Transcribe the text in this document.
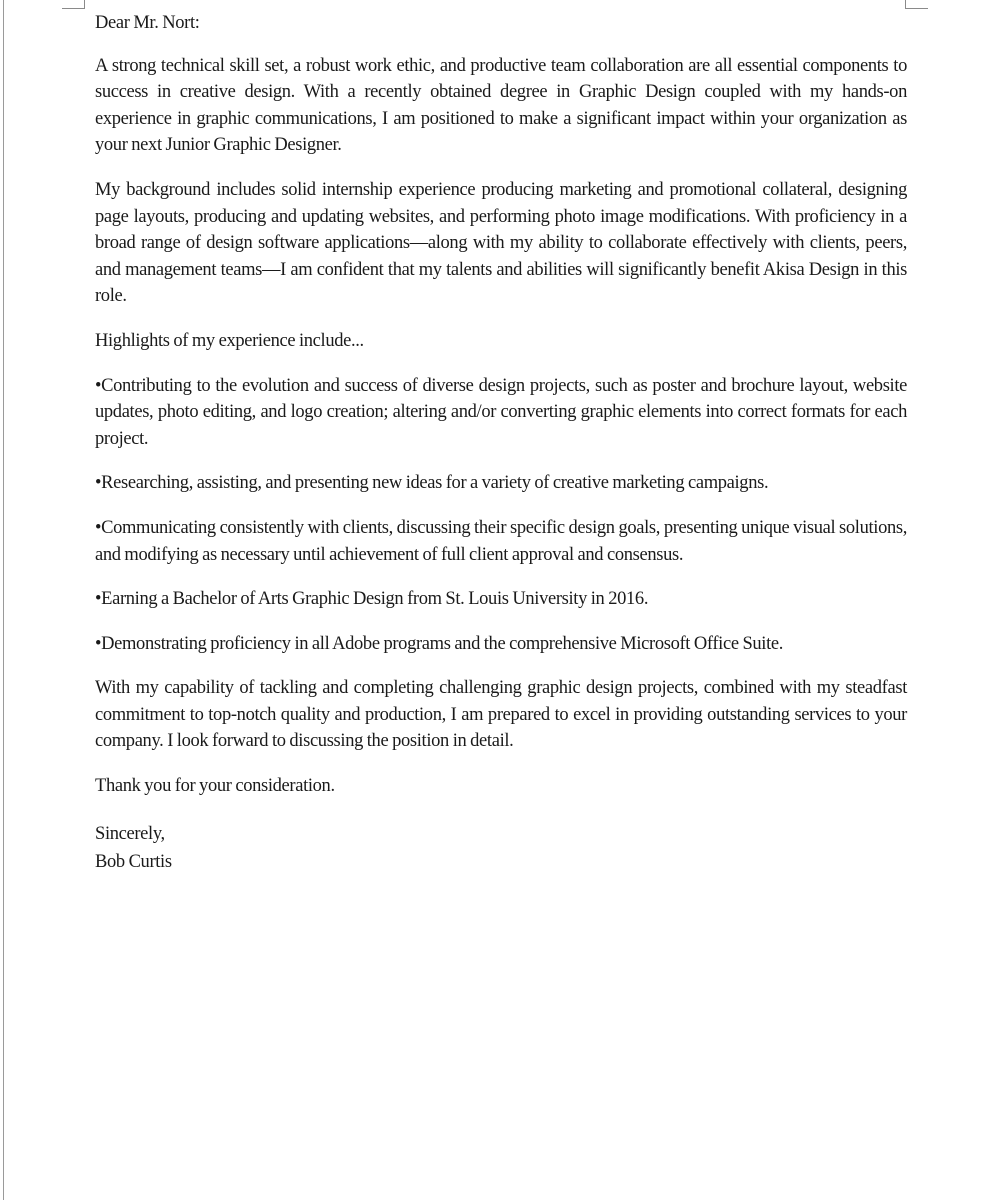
Dear Mr. Nort:

A strong technical skill set, a robust work ethic, and productive team collaboration are all essential components to success in creative design. With a recently obtained degree in Graphic Design coupled with my hands-on experience in graphic communications, I am positioned to make a significant impact within your organization as your next Junior Graphic Designer.

My background includes solid internship experience producing marketing and promotional collateral, designing page layouts, producing and updating websites, and performing photo image modifications. With proficiency in a broad range of design software applications—along with my ability to collaborate effectively with clients, peers, and management teams—I am confident that my talents and abilities will significantly benefit Akisa Design in this role.

Highlights of my experience include...

•Contributing to the evolution and success of diverse design projects, such as poster and brochure layout, website updates, photo editing, and logo creation; altering and/or converting graphic elements into correct formats for each project.

•Researching, assisting, and presenting new ideas for a variety of creative marketing campaigns.

•Communicating consistently with clients, discussing their specific design goals, presenting unique visual solutions, and modifying as necessary until achievement of full client approval and consensus.

•Earning a Bachelor of Arts Graphic Design from St. Louis University in 2016.

•Demonstrating proficiency in all Adobe programs and the comprehensive Microsoft Office Suite.

With my capability of tackling and completing challenging graphic design projects, combined with my steadfast commitment to top-notch quality and production, I am prepared to excel in providing outstanding services to your company. I look forward to discussing the position in detail.

Thank you for your consideration.

Sincerely,
Bob Curtis
